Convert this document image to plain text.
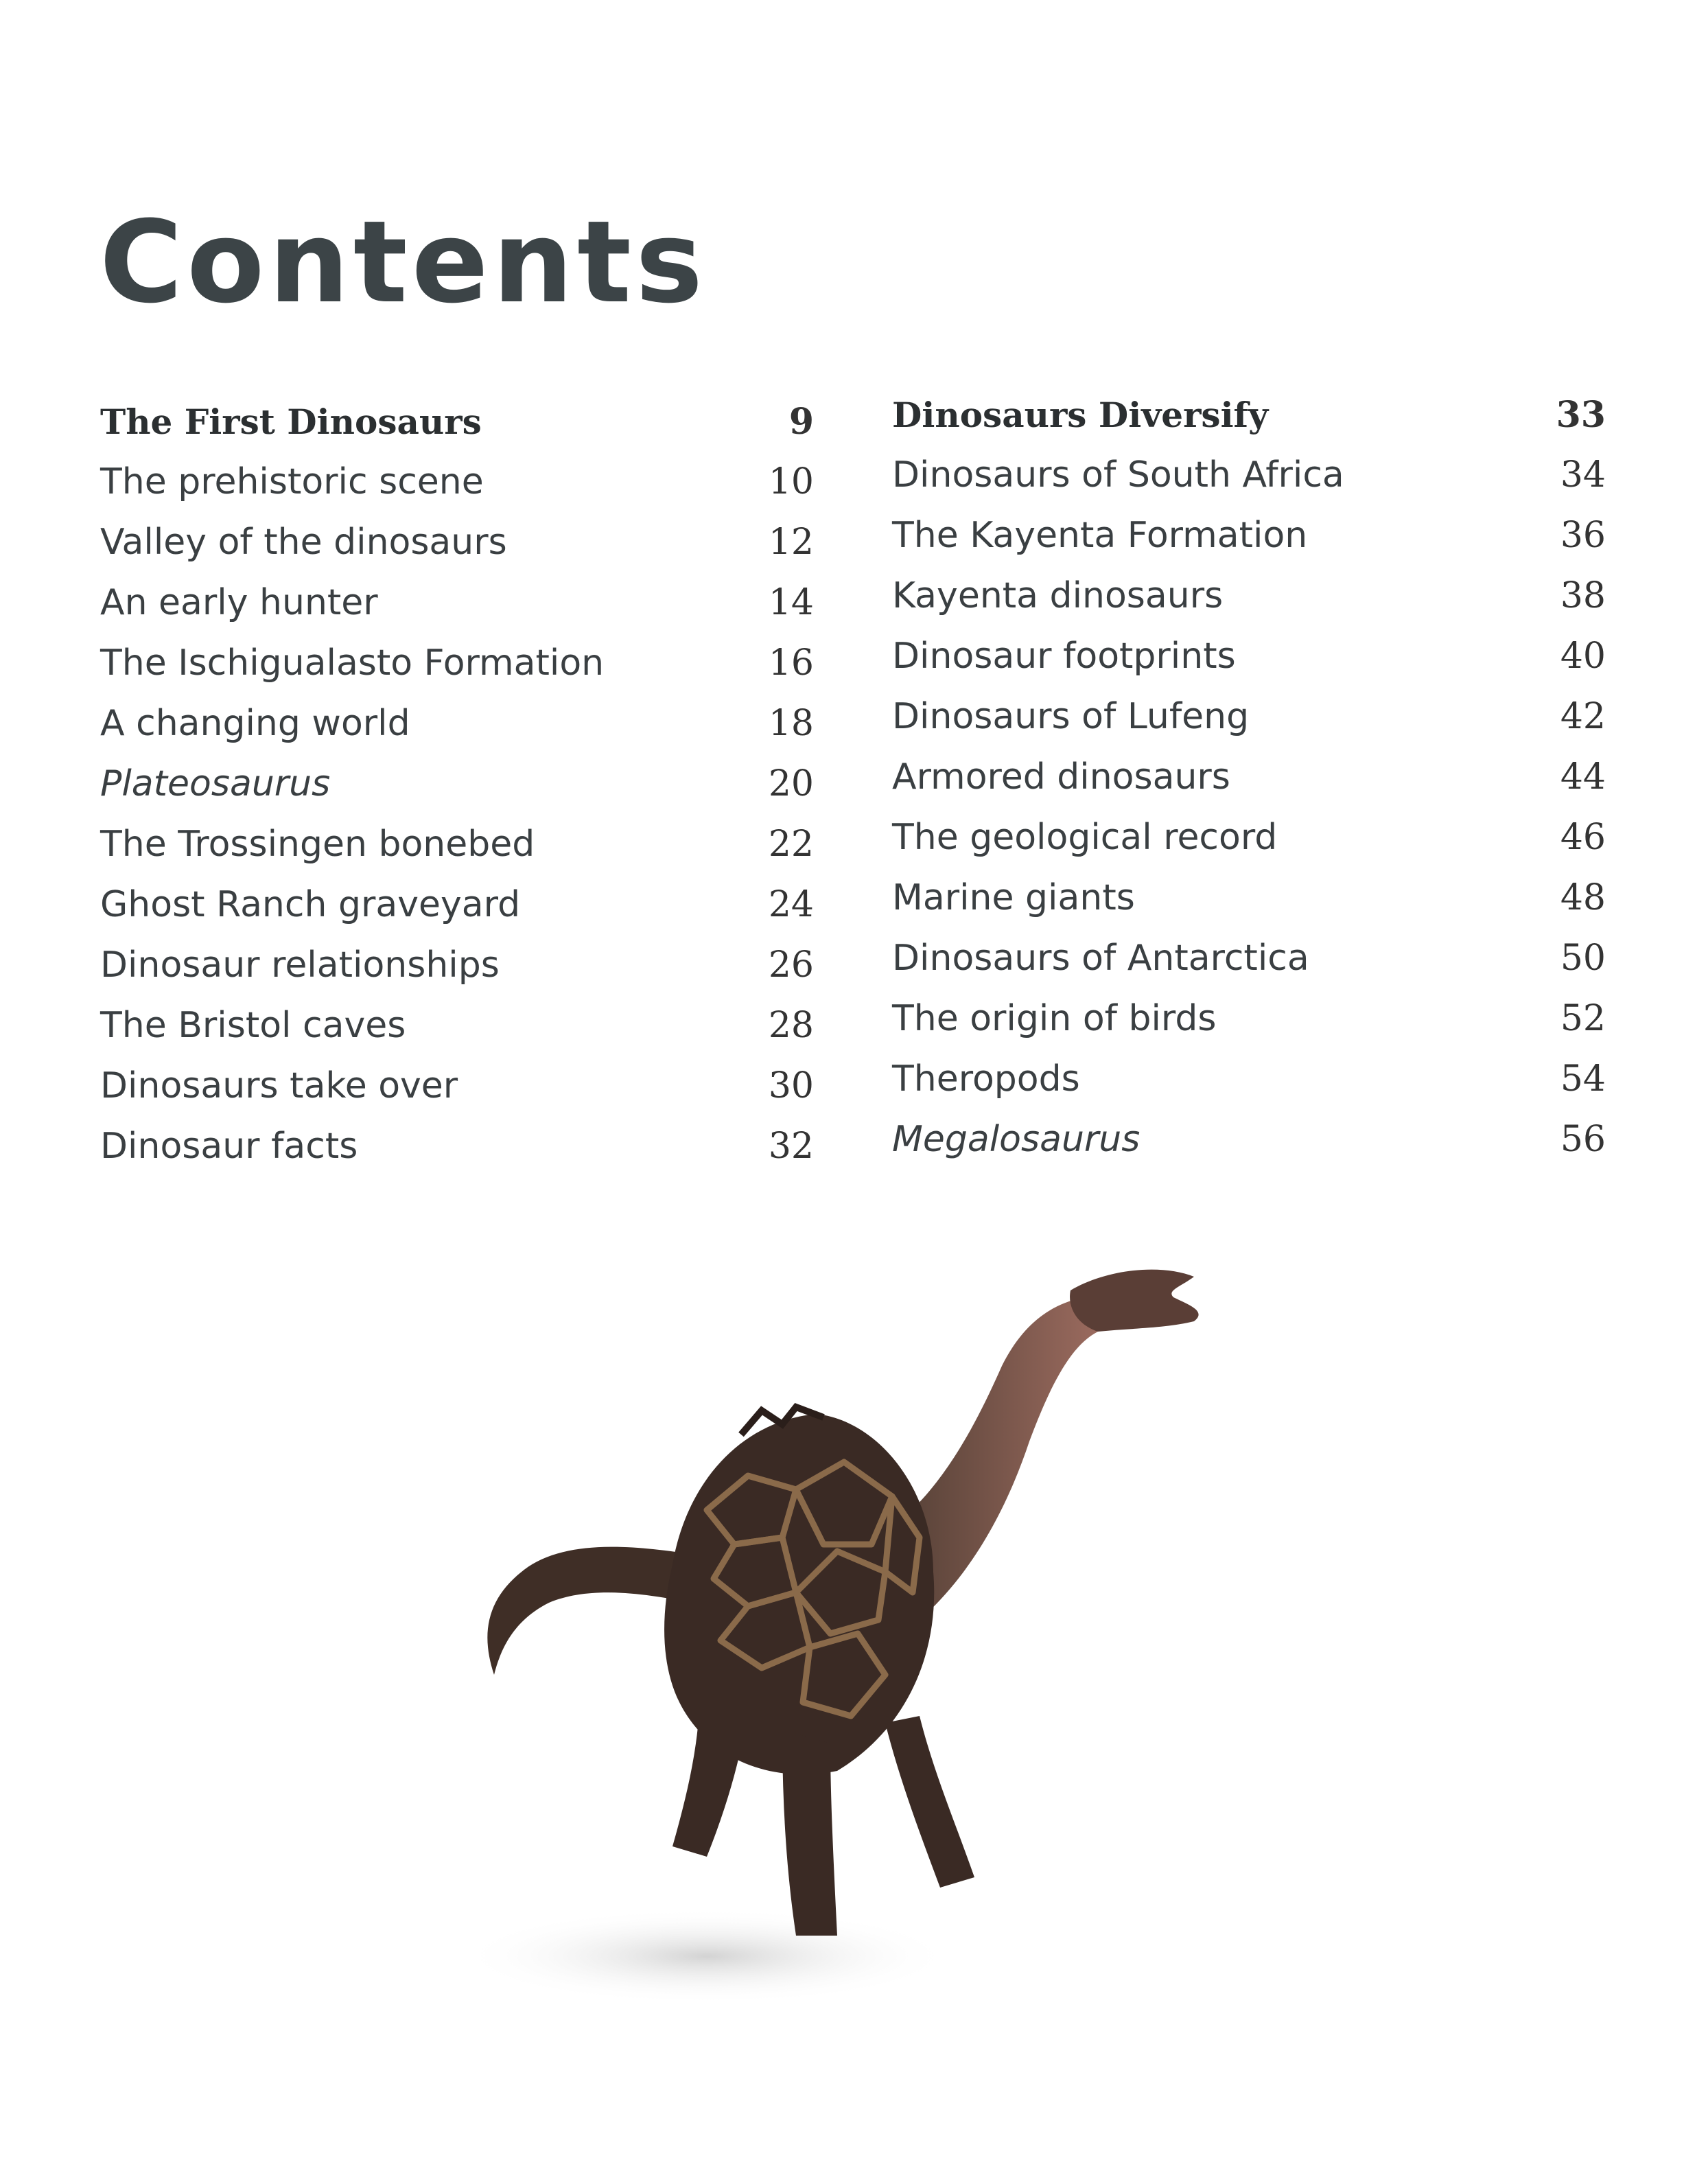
Contents
The First Dinosaurs	9
The prehistoric scene	10
Valley of the dinosaurs	12
An early hunter	14
The Ischigualasto Formation	16
A changing world	18
Plateosaurus	20
The Trossingen bonebed	22
Ghost Ranch graveyard	24
Dinosaur relationships	26
The Bristol caves	28
Dinosaurs take over	30
Dinosaur facts	32
Dinosaurs Diversify	33
Dinosaurs of South Africa	34
The Kayenta Formation	36
Kayenta dinosaurs	38
Dinosaur footprints	40
Dinosaurs of Lufeng	42
Armored dinosaurs	44
The geological record	46
Marine giants	48
Dinosaurs of Antarctica	50
The origin of birds	52
Theropods	54
Megalosaurus	56
